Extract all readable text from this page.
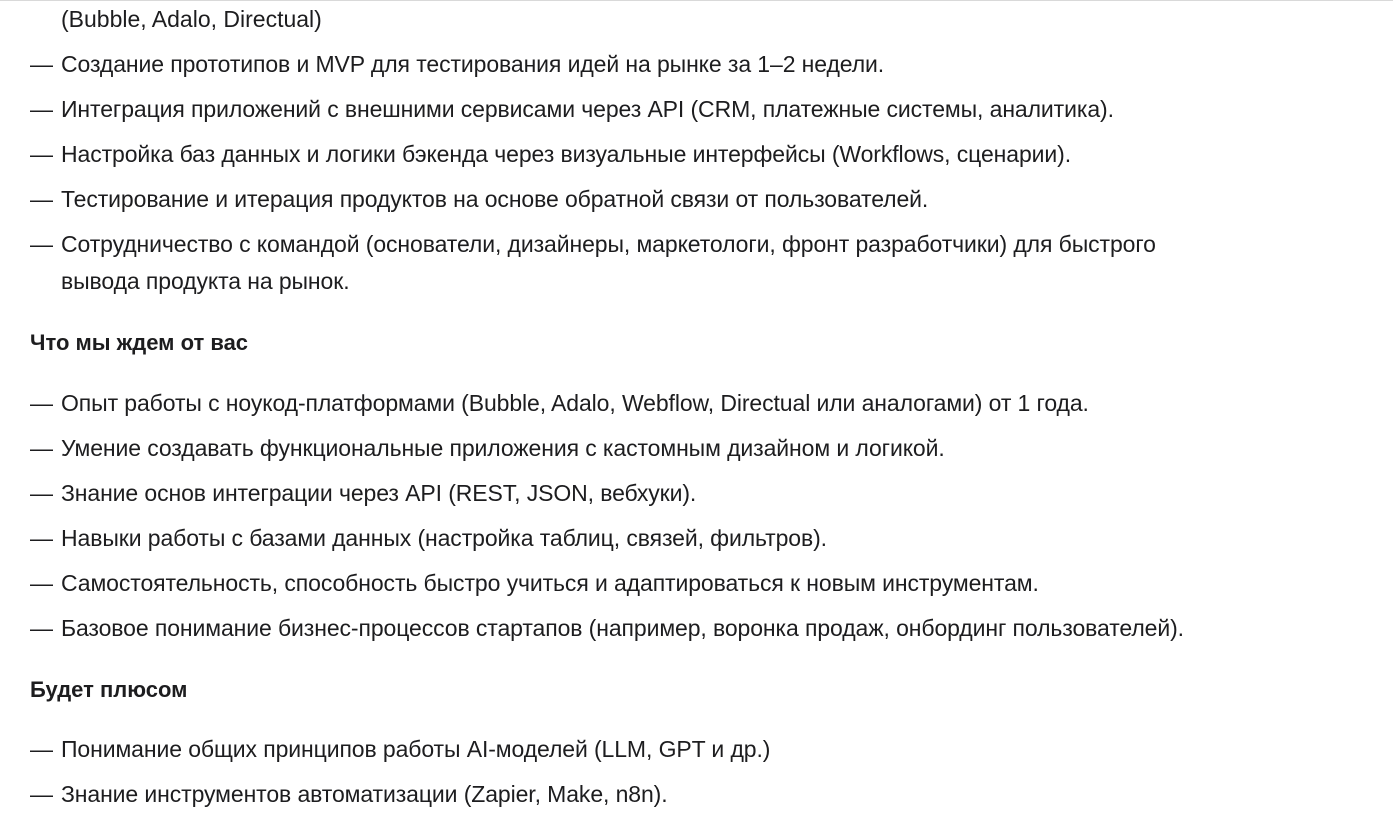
(Bubble, Adalo, Directual)
— Создание прототипов и MVP для тестирования идей на рынке за 1–2 недели.
— Интеграция приложений с внешними сервисами через API (CRM, платежные системы, аналитика).
— Настройка баз данных и логики бэкенда через визуальные интерфейсы (Workflows, сценарии).
— Тестирование и итерация продуктов на основе обратной связи от пользователей.
— Сотрудничество с командой (основатели, дизайнеры, маркетологи, фронт разработчики) для быстрого
вывода продукта на рынок.
Что мы ждем от вас
— Опыт работы с ноукод-платформами (Bubble, Adalo, Webflow, Directual или аналогами) от 1 года.
— Умение создавать функциональные приложения с кастомным дизайном и логикой.
— Знание основ интеграции через API (REST, JSON, вебхуки).
— Навыки работы с базами данных (настройка таблиц, связей, фильтров).
— Самостоятельность, способность быстро учиться и адаптироваться к новым инструментам.
— Базовое понимание бизнес-процессов стартапов (например, воронка продаж, онбординг пользователей).
Будет плюсом
— Понимание общих принципов работы AI-моделей (LLM, GPT и др.)
— Знание инструментов автоматизации (Zapier, Make, n8n).
